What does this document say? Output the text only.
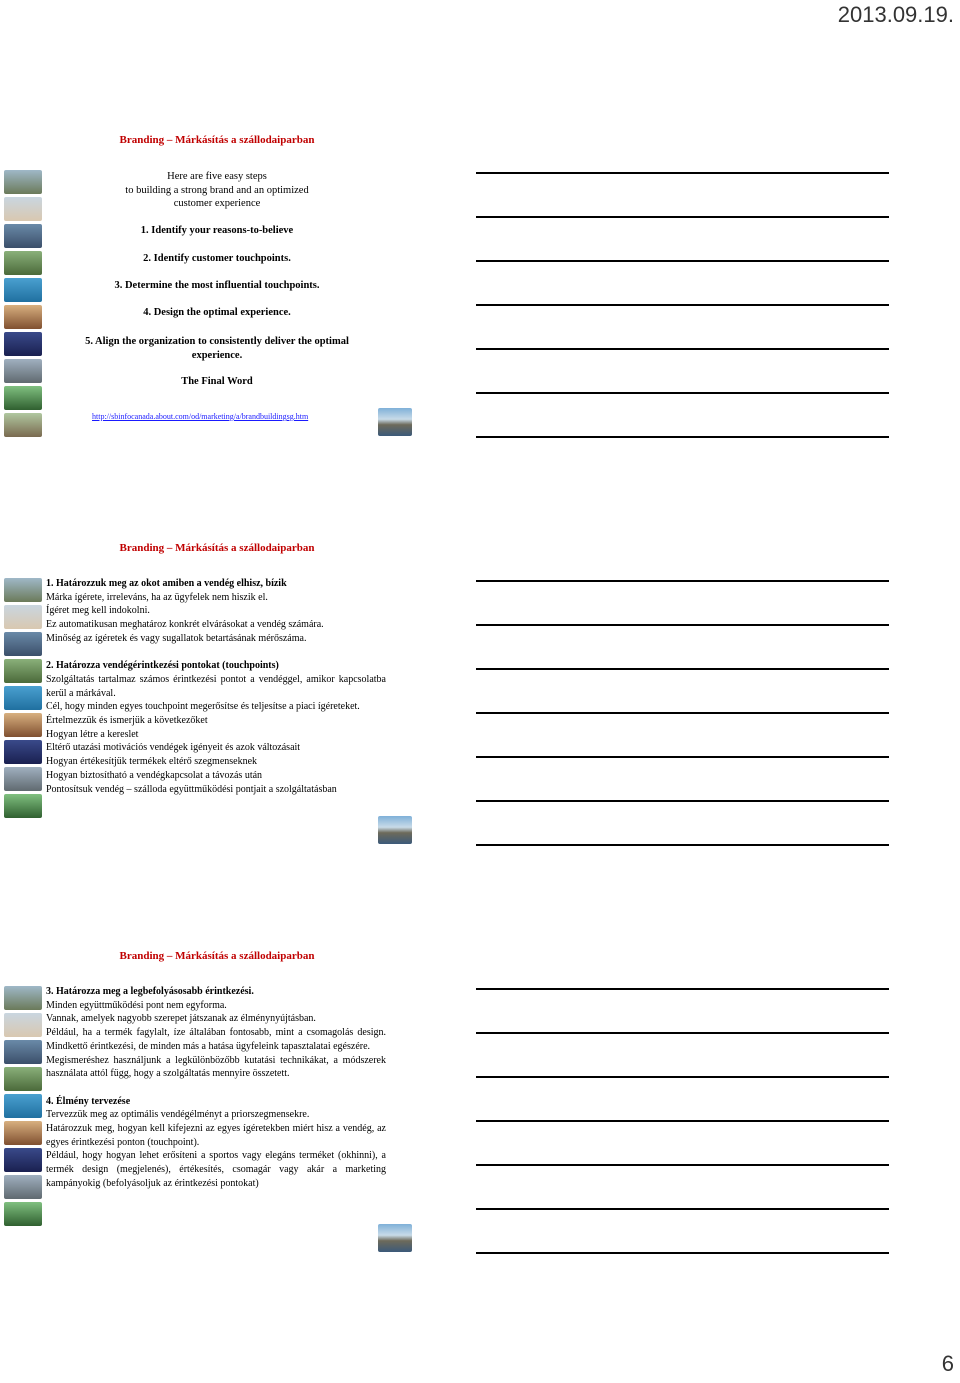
2013.09.19.
Branding – Márkásítás a szállodaiparban
Here are five easy steps
to building a strong brand and an optimized
customer experience
1. Identify your reasons-to-believe
2. Identify customer touchpoints.
3. Determine the most influential touchpoints.
4. Design the optimal experience.
5. Align the organization to consistently deliver the optimal experience.
The Final Word
http://sbinfocanada.about.com/od/marketing/a/brandbuildingsg.htm
Branding – Márkásítás a szállodaiparban

1. Határozzuk meg az okot amiben a vendég elhisz, bízik

Márka ígérete, irreleváns, ha az ügyfelek nem hiszik el.

Ígéret meg kell indokolni.

Ez automatikusan meghatároz konkrét elvárásokat a vendég számára.

Minőség az ígéretek és vagy sugallatok betartásának mérőszáma.

2. Határozza vendégérintkezési pontokat (touchpoints)

Szolgáltatás tartalmaz számos érintkezési pontot a vendéggel, amikor kapcsolatba kerül a márkával.

Cél, hogy minden egyes touchpoint megerősítse és teljesítse a piaci ígéreteket.

Értelmezzük és ismerjük a következőket

Hogyan létre a kereslet

Eltérő utazási motivációs vendégek igényeit és azok változásait

Hogyan értékesítjük termékek eltérő szegmenseknek

Hogyan biztosítható a vendégkapcsolat a távozás után

Pontosítsuk vendég – szálloda együttműködési pontjait a szolgáltatásban

Branding – Márkásítás a szállodaiparban

3. Határozza meg a legbefolyásosabb érintkezési.

Minden együttműködési pont nem egyforma.

Vannak, amelyek nagyobb szerepet játszanak az élménynyújtásban.

Például, ha a termék fagylalt, íze általában fontosabb, mint a csomagolás design. Mindkettő érintkezési, de minden más a hatása ügyfeleink tapasztalatai egészére.

Megismeréshez használjunk a legkülönbözőbb kutatási technikákat, a módszerek használata attól függ, hogy a szolgáltatás mennyire összetett.

4. Élmény tervezése

Tervezzük meg az optimális vendégélményt a priorszegmensekre.

Határozzuk meg, hogyan kell kifejezni az egyes ígéretekben miért hisz a vendég, az egyes érintkezési ponton (touchpoint).

Például, hogy hogyan lehet erősíteni a sportos vagy elegáns terméket (okhinni), a termék design (megjelenés), értékesítés, csomagár vagy akár a marketing kampányokig (befolyásoljuk az érintkezési pontokat)

6
